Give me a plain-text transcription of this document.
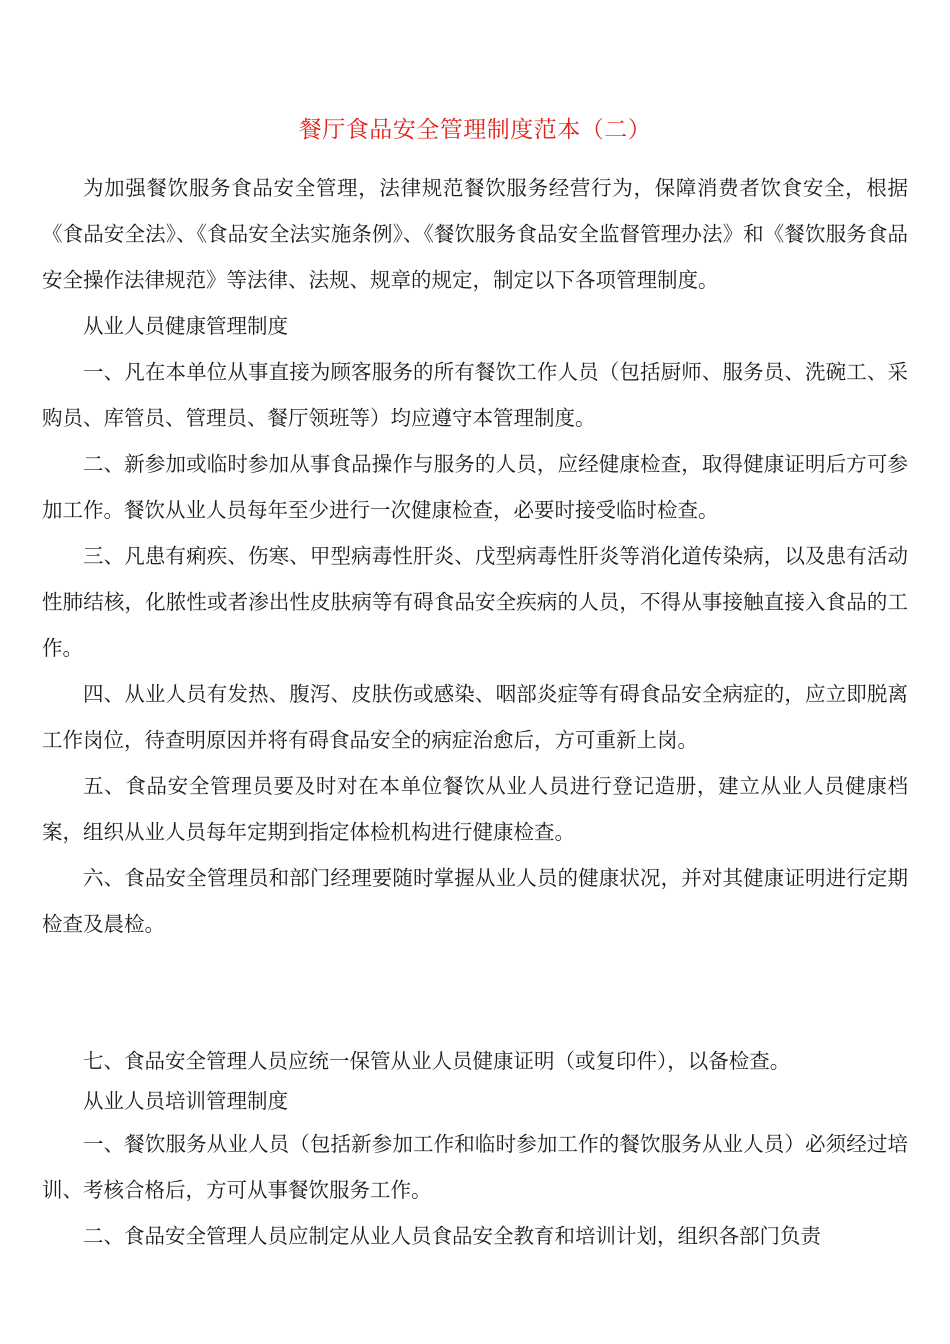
餐厅食品安全管理制度范本（二）

为加强餐饮服务食品安全管理，法律规范餐饮服务经营行为，保障消费者饮食安全，根据《食品安全法》、《食品安全法实施条例》、《餐饮服务食品安全监督管理办法》和《餐饮服务食品安全操作法律规范》等法律、法规、规章的规定，制定以下各项管理制度。

从业人员健康管理制度

一、凡在本单位从事直接为顾客服务的所有餐饮工作人员（包括厨师、服务员、洗碗工、采购员、库管员、管理员、餐厅领班等）均应遵守本管理制度。

二、新参加或临时参加从事食品操作与服务的人员，应经健康检查，取得健康证明后方可参加工作。餐饮从业人员每年至少进行一次健康检查，必要时接受临时检查。

三、凡患有痢疾、伤寒、甲型病毒性肝炎、戊型病毒性肝炎等消化道传染病，以及患有活动性肺结核，化脓性或者渗出性皮肤病等有碍食品安全疾病的人员，不得从事接触直接入食品的工作。

四、从业人员有发热、腹泻、皮肤伤或感染、咽部炎症等有碍食品安全病症的，应立即脱离工作岗位，待查明原因并将有碍食品安全的病症治愈后，方可重新上岗。

五、食品安全管理员要及时对在本单位餐饮从业人员进行登记造册，建立从业人员健康档案，组织从业人员每年定期到指定体检机构进行健康检查。

六、食品安全管理员和部门经理要随时掌握从业人员的健康状况，并对其健康证明进行定期检查及晨检。

七、食品安全管理人员应统一保管从业人员健康证明（或复印件），以备检查。

从业人员培训管理制度

一、餐饮服务从业人员（包括新参加工作和临时参加工作的餐饮服务从业人员）必须经过培训、考核合格后，方可从事餐饮服务工作。

二、食品安全管理人员应制定从业人员食品安全教育和培训计划，组织各部门负责
